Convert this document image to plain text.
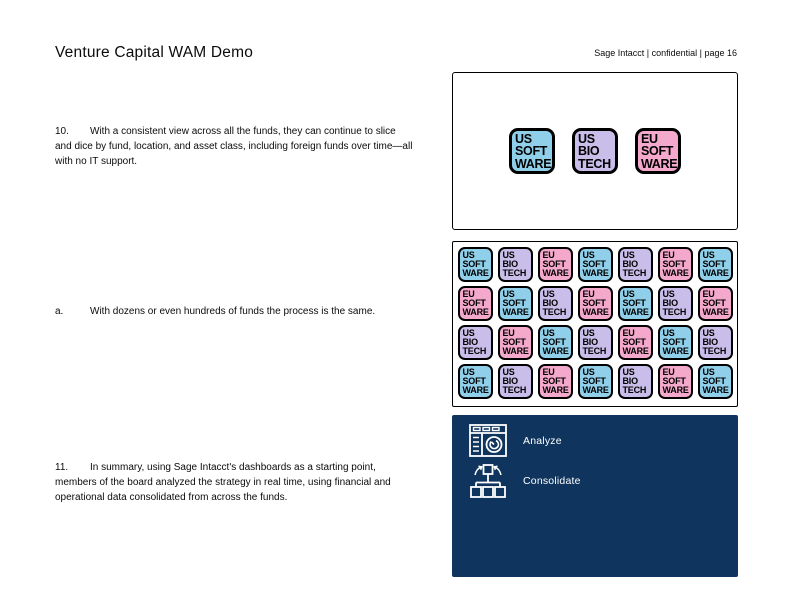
Venture Capital WAM Demo	Sage Intacct | confidential | page 16

10. With a consistent view across all the funds, they can continue to slice and dice by fund, location, and asset class, including foreign funds over time—all with no IT support.

a.	With dozens or even hundreds of funds the process is the same.

11. In summary, using Sage Intacct's dashboards as a starting point, members of the board analyzed the strategy in real time, using financial and operational data consolidated from across the funds.

US
SOFT
WARE
US
BIO
TECH
EU
SOFT
WARE
US
SOFT
WARE
US
BIO
TECH
EU
SOFT
WARE
US
SOFT
WARE
US
BIO
TECH
EU
SOFT
WARE
US
SOFT
WARE
EU
SOFT
WARE
US
SOFT
WARE
US
BIO
TECH
EU
SOFT
WARE
US
SOFT
WARE
US
BIO
TECH
EU
SOFT
WARE
US
BIO
TECH
EU
SOFT
WARE
US
SOFT
WARE
US
BIO
TECH
EU
SOFT
WARE
US
SOFT
WARE
US
BIO
TECH
US
SOFT
WARE
US
BIO
TECH
EU
SOFT
WARE
US
SOFT
WARE
US
BIO
TECH
EU
SOFT
WARE
US
SOFT
WARE
Analyze
Consolidate
